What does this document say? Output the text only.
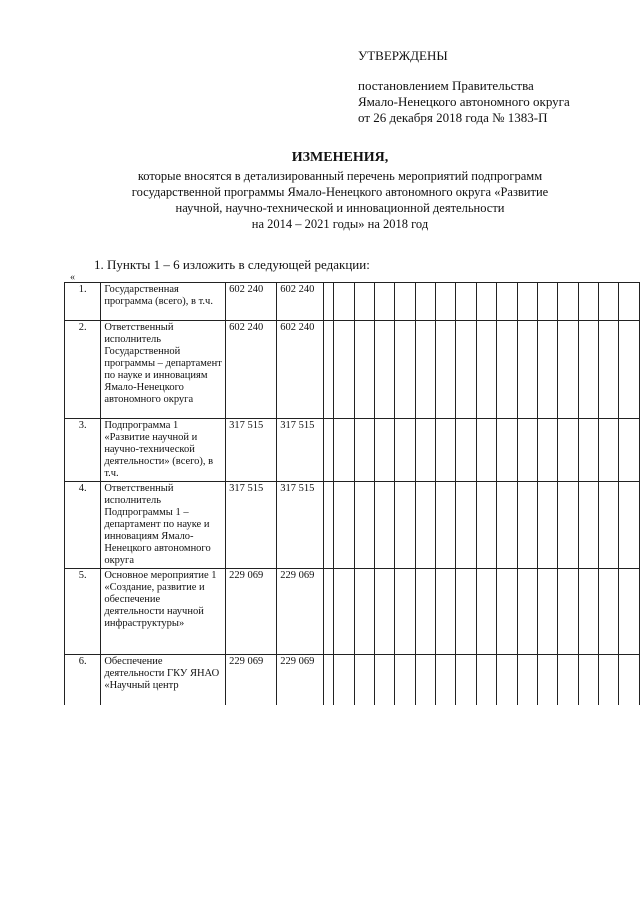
УТВЕРЖДЕНЫ
постановлением Правительства
Ямало-Ненецкого автономного округа
от 26 декабря 2018 года № 1383-П
ИЗМЕНЕНИЯ,
которые вносятся в детализированный перечень мероприятий подпрограмм
государственной программы Ямало-Ненецкого автономного округа «Развитие
научной, научно-технической и инновационной деятельности
на 2014 – 2021 годы» на 2018 год
1. Пункты 1 – 6 изложить в следующей редакции:
«
1.	Государственная программа (всего), в т.ч.	602 240	602 240																
2.	Ответственный исполнитель Государственной программы – департамент по науке и инновациям Ямало-Ненецкого автономного округа	602 240	602 240																
3.	Подпрограмма 1 «Развитие научной и научно-технической деятельности» (всего), в т.ч.	317 515	317 515																
4.	Ответственный исполнитель Подпрограммы 1 – департамент по науке и инновациям Ямало-Ненецкого автономного округа	317 515	317 515																
5.	Основное мероприятие 1 «Создание, развитие и обеспечение деятельности научной инфраструктуры»	229 069	229 069																
6.	Обеспечение деятельности ГКУ ЯНАО «Научный центр	229 069	229 069																
